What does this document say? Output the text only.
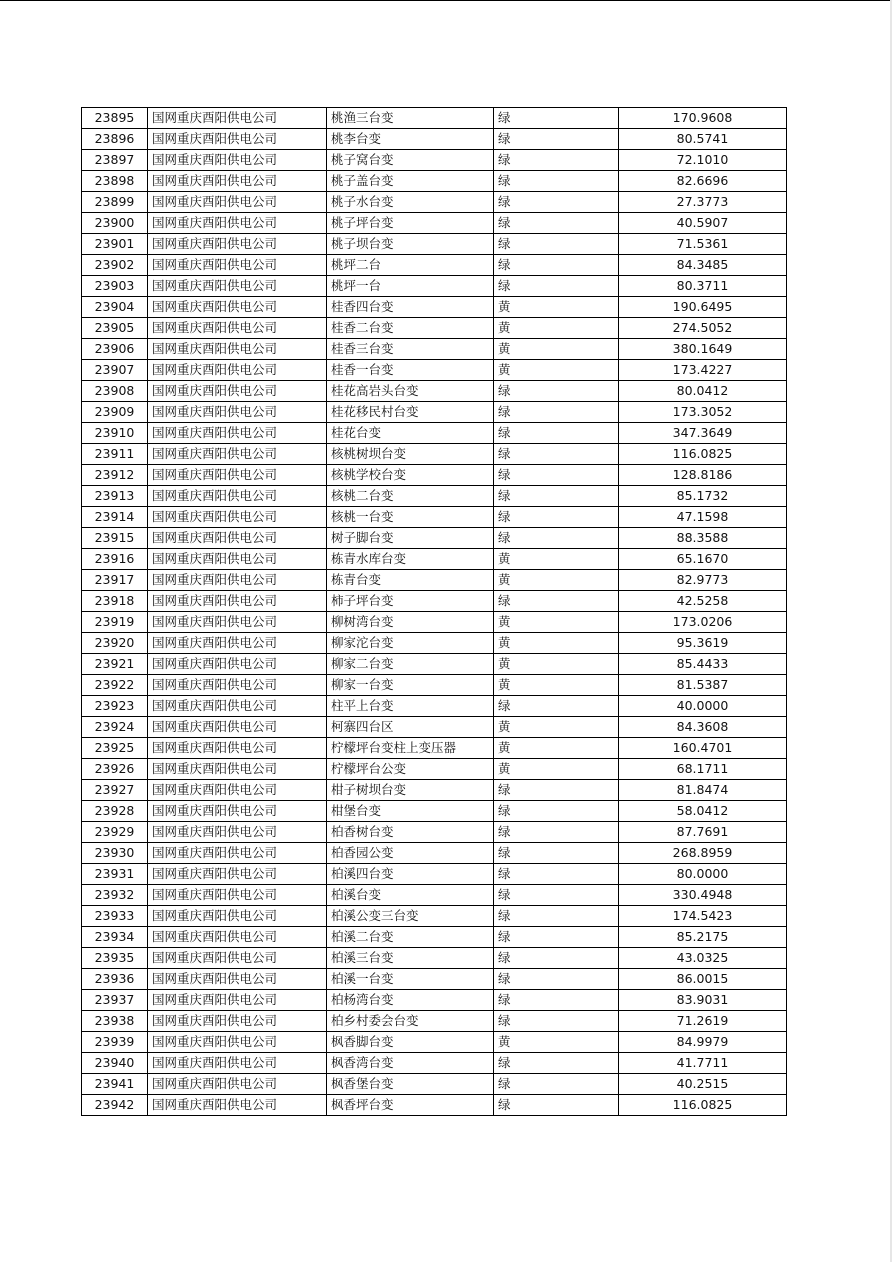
23895	国网重庆酉阳供电公司	桃渔三台变	绿	170.9608
23896	国网重庆酉阳供电公司	桃李台变	绿	80.5741
23897	国网重庆酉阳供电公司	桃子窝台变	绿	72.1010
23898	国网重庆酉阳供电公司	桃子盖台变	绿	82.6696
23899	国网重庆酉阳供电公司	桃子水台变	绿	27.3773
23900	国网重庆酉阳供电公司	桃子坪台变	绿	40.5907
23901	国网重庆酉阳供电公司	桃子坝台变	绿	71.5361
23902	国网重庆酉阳供电公司	桃坪二台	绿	84.3485
23903	国网重庆酉阳供电公司	桃坪一台	绿	80.3711
23904	国网重庆酉阳供电公司	桂香四台变	黄	190.6495
23905	国网重庆酉阳供电公司	桂香二台变	黄	274.5052
23906	国网重庆酉阳供电公司	桂香三台变	黄	380.1649
23907	国网重庆酉阳供电公司	桂香一台变	黄	173.4227
23908	国网重庆酉阳供电公司	桂花高岩头台变	绿	80.0412
23909	国网重庆酉阳供电公司	桂花移民村台变	绿	173.3052
23910	国网重庆酉阳供电公司	桂花台变	绿	347.3649
23911	国网重庆酉阳供电公司	核桃树坝台变	绿	116.0825
23912	国网重庆酉阳供电公司	核桃学校台变	绿	128.8186
23913	国网重庆酉阳供电公司	核桃二台变	绿	85.1732
23914	国网重庆酉阳供电公司	核桃一台变	绿	47.1598
23915	国网重庆酉阳供电公司	树子脚台变	绿	88.3588
23916	国网重庆酉阳供电公司	栋青水库台变	黄	65.1670
23917	国网重庆酉阳供电公司	栋青台变	黄	82.9773
23918	国网重庆酉阳供电公司	柿子坪台变	绿	42.5258
23919	国网重庆酉阳供电公司	柳树湾台变	黄	173.0206
23920	国网重庆酉阳供电公司	柳家沱台变	黄	95.3619
23921	国网重庆酉阳供电公司	柳家二台变	黄	85.4433
23922	国网重庆酉阳供电公司	柳家一台变	黄	81.5387
23923	国网重庆酉阳供电公司	柱平上台变	绿	40.0000
23924	国网重庆酉阳供电公司	柯寨四台区	黄	84.3608
23925	国网重庆酉阳供电公司	柠檬坪台变柱上变压器	黄	160.4701
23926	国网重庆酉阳供电公司	柠檬坪台公变	黄	68.1711
23927	国网重庆酉阳供电公司	柑子树坝台变	绿	81.8474
23928	国网重庆酉阳供电公司	柑堡台变	绿	58.0412
23929	国网重庆酉阳供电公司	柏香树台变	绿	87.7691
23930	国网重庆酉阳供电公司	柏香园公变	绿	268.8959
23931	国网重庆酉阳供电公司	柏溪四台变	绿	80.0000
23932	国网重庆酉阳供电公司	柏溪台变	绿	330.4948
23933	国网重庆酉阳供电公司	柏溪公变三台变	绿	174.5423
23934	国网重庆酉阳供电公司	柏溪二台变	绿	85.2175
23935	国网重庆酉阳供电公司	柏溪三台变	绿	43.0325
23936	国网重庆酉阳供电公司	柏溪一台变	绿	86.0015
23937	国网重庆酉阳供电公司	柏杨湾台变	绿	83.9031
23938	国网重庆酉阳供电公司	柏乡村委会台变	绿	71.2619
23939	国网重庆酉阳供电公司	枫香脚台变	黄	84.9979
23940	国网重庆酉阳供电公司	枫香湾台变	绿	41.7711
23941	国网重庆酉阳供电公司	枫香堡台变	绿	40.2515
23942	国网重庆酉阳供电公司	枫香坪台变	绿	116.0825
